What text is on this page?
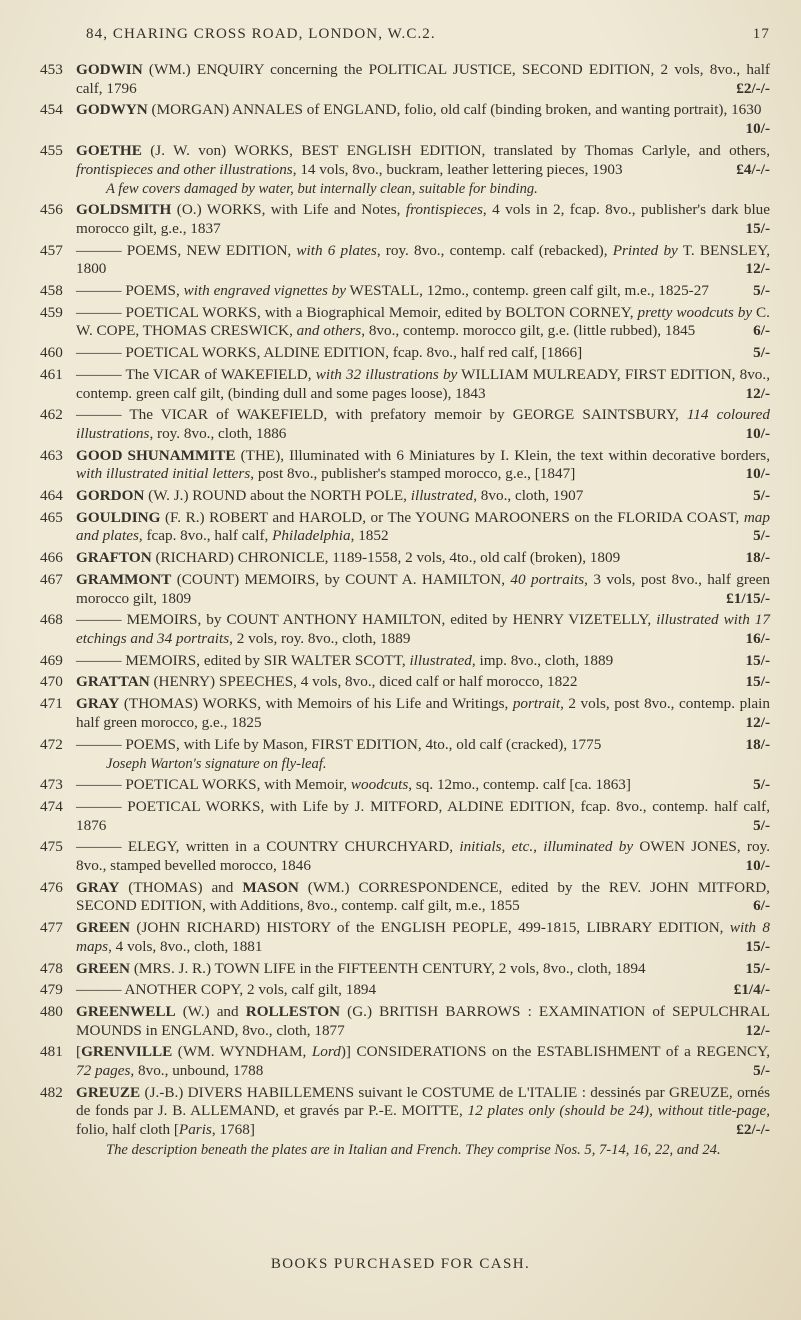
84, CHARING CROSS ROAD, LONDON, W.C.2.	17
453 GODWIN (WM.) ENQUIRY concerning the POLITICAL JUSTICE, SECOND EDITION, 2 vols, 8vo., half calf, 1796	£2/-/-

454 GODWYN (MORGAN) ANNALES of ENGLAND, folio, old calf (binding broken, and wanting portrait), 1630
10/-

455 GOETHE (J. W. von) WORKS, BEST ENGLISH EDITION, translated by Thomas Carlyle, and others, frontispieces and other illustrations, 14 vols, 8vo., buckram, leather lettering pieces, 1903	£4/-/-

A few covers damaged by water, but internally clean, suitable for binding.
456 GOLDSMITH (O.) WORKS, with Life and Notes, frontispieces, 4 vols in 2, fcap. 8vo., publisher's dark blue morocco gilt, g.e., 1837	15/-

457 ——— POEMS, NEW EDITION, with 6 plates, roy. 8vo., contemp. calf (rebacked), Printed by T. BENSLEY, 1800	12/-

458 ——— POEMS, with engraved vignettes by WESTALL, 12mo., contemp. green calf gilt, m.e., 1825-27	5/-

459 ——— POETICAL WORKS, with a Biographical Memoir, edited by BOLTON CORNEY, pretty woodcuts by C. W. COPE, THOMAS CRESWICK, and others, 8vo., contemp. morocco gilt, g.e. (little rubbed), 1845	6/-

460 ——— POETICAL WORKS, ALDINE EDITION, fcap. 8vo., half red calf, [1866]	5/-

461 ——— The VICAR of WAKEFIELD, with 32 illustrations by WILLIAM MULREADY, FIRST EDITION, 8vo., contemp. green calf gilt, (binding dull and some pages loose), 1843	12/-

462 ——— The VICAR of WAKEFIELD, with prefatory memoir by GEORGE SAINTSBURY, 114 coloured illustrations, roy. 8vo., cloth, 1886	10/-

463 GOOD SHUNAMMITE (THE), Illuminated with 6 Miniatures by I. Klein, the text within decorative borders, with illustrated initial letters, post 8vo., publisher's stamped morocco, g.e., [1847]	10/-

464 GORDON (W. J.) ROUND about the NORTH POLE, illustrated, 8vo., cloth, 1907	5/-

465 GOULDING (F. R.) ROBERT and HAROLD, or The YOUNG MAROONERS on the FLORIDA COAST, map and plates, fcap. 8vo., half calf, Philadelphia, 1852	5/-

466 GRAFTON (RICHARD) CHRONICLE, 1189-1558, 2 vols, 4to., old calf (broken), 1809	18/-

467 GRAMMONT (COUNT) MEMOIRS, by COUNT A. HAMILTON, 40 portraits, 3 vols, post 8vo., half green morocco gilt, 1809	£1/15/-

468 ——— MEMOIRS, by COUNT ANTHONY HAMILTON, edited by HENRY VIZETELLY, illustrated with 17 etchings and 34 portraits, 2 vols, roy. 8vo., cloth, 1889	16/-

469 ——— MEMOIRS, edited by SIR WALTER SCOTT, illustrated, imp. 8vo., cloth, 1889	15/-

470 GRATTAN (HENRY) SPEECHES, 4 vols, 8vo., diced calf or half morocco, 1822	15/-

471 GRAY (THOMAS) WORKS, with Memoirs of his Life and Writings, portrait, 2 vols, post 8vo., contemp. plain half green morocco, g.e., 1825	12/-

472 ——— POEMS, with Life by Mason, FIRST EDITION, 4to., old calf (cracked), 1775	18/-

Joseph Warton's signature on fly-leaf.
473 ——— POETICAL WORKS, with Memoir, woodcuts, sq. 12mo., contemp. calf [ca. 1863]	5/-

474 ——— POETICAL WORKS, with Life by J. MITFORD, ALDINE EDITION, fcap. 8vo., contemp. half calf, 1876	5/-

475 ——— ELEGY, written in a COUNTRY CHURCHYARD, initials, etc., illuminated by OWEN JONES, roy. 8vo., stamped bevelled morocco, 1846	10/-

476 GRAY (THOMAS) and MASON (WM.) CORRESPONDENCE, edited by the REV. JOHN MITFORD, SECOND EDITION, with Additions, 8vo., contemp. calf gilt, m.e., 1855	6/-

477 GREEN (JOHN RICHARD) HISTORY of the ENGLISH PEOPLE, 499-1815, LIBRARY EDITION, with 8 maps, 4 vols, 8vo., cloth, 1881	15/-

478 GREEN (MRS. J. R.) TOWN LIFE in the FIFTEENTH CENTURY, 2 vols, 8vo., cloth, 1894	15/-

479 ——— ANOTHER COPY, 2 vols, calf gilt, 1894	£1/4/-

480 GREENWELL (W.) and ROLLESTON (G.) BRITISH BARROWS : EXAMINATION of SEPULCHRAL MOUNDS in ENGLAND, 8vo., cloth, 1877	12/-

481 [GRENVILLE (WM. WYNDHAM, Lord)] CONSIDERATIONS on the ESTABLISHMENT of a REGENCY, 72 pages, 8vo., unbound, 1788	5/-

482 GREUZE (J.-B.) DIVERS HABILLEMENS suivant le COSTUME de L'ITALIE : dessinés par GREUZE, ornés de fonds par J. B. ALLEMAND, et gravés par P.-E. MOITTE, 12 plates only (should be 24), without title-page, folio, half cloth [Paris, 1768]	£2/-/-

The description beneath the plates are in Italian and French. They comprise Nos. 5, 7-14, 16, 22, and 24.
BOOKS PURCHASED FOR CASH.
